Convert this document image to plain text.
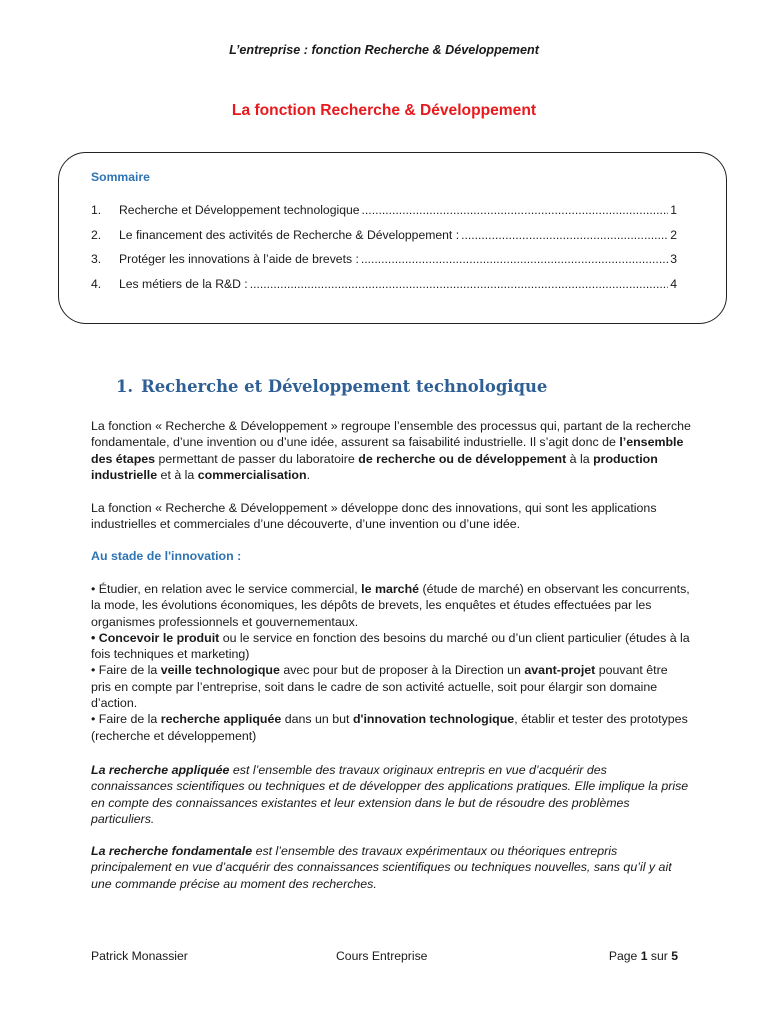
L’entreprise : fonction Recherche & Développement
La fonction Recherche & Développement
Sommaire
1.	Recherche et Développement technologique .....	1
2.	Le financement des activités de Recherche & Développement : .....	2
3.	Protéger les innovations à l’aide de brevets : .....	3
4.	Les métiers de la R&D : .....	4
1. Recherche et Développement technologique
La fonction « Recherche & Développement » regroupe l’ensemble des processus qui, partant de la recherche fondamentale, d’une invention ou d’une idée, assurent sa faisabilité industrielle. Il s’agit donc de l’ensemble des étapes permettant de passer du laboratoire de recherche ou de développement à la production industrielle et à la commercialisation.
La fonction « Recherche & Développement » développe donc des innovations, qui sont les applications industrielles et commerciales d’une découverte, d’une invention ou d’une idée.
Au stade de l'innovation :
• Étudier, en relation avec le service commercial, le marché (étude de marché) en observant les concurrents, la mode, les évolutions économiques, les dépôts de brevets, les enquêtes et études effectuées par les organismes professionnels et gouvernementaux.
• Concevoir le produit ou le service en fonction des besoins du marché ou d’un client particulier (études à la fois techniques et marketing)
• Faire de la veille technologique avec pour but de proposer à la Direction un avant-projet pouvant être pris en compte par l’entreprise, soit dans le cadre de son activité actuelle, soit pour élargir son domaine d’action.
• Faire de la recherche appliquée dans un but d'innovation technologique, établir et tester des prototypes (recherche et développement)
La recherche appliquée est l’ensemble des travaux originaux entrepris en vue d’acquérir des connaissances scientifiques ou techniques et de développer des applications pratiques. Elle implique la prise en compte des connaissances existantes et leur extension dans le but de résoudre des problèmes particuliers.
La recherche fondamentale est l’ensemble des travaux expérimentaux ou théoriques entrepris principalement en vue d’acquérir des connaissances scientifiques ou techniques nouvelles, sans qu’il y ait une commande précise au moment des recherches.
Patrick Monassier	Cours Entreprise	Page 1 sur 5
